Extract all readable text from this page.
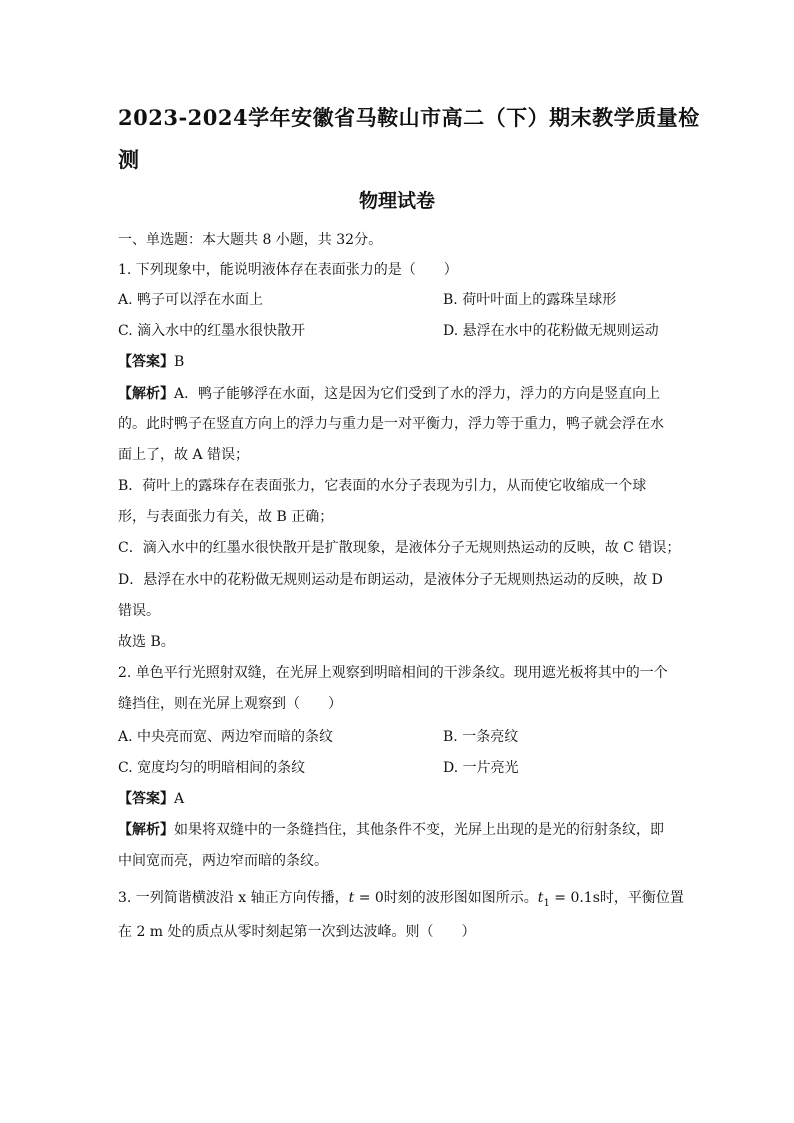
2023-2024学年安徽省马鞍山市高二（下）期末教学质量检
测
物理试卷
一、单选题：本大题共 8 小题，共 32分。
1. 下列现象中，能说明液体存在表面张力的是（　　）
A. 鸭子可以浮在水面上	B. 荷叶叶面上的露珠呈球形
C. 滴入水中的红墨水很快散开	D. 悬浮在水中的花粉做无规则运动
【答案】B
【解析】A．鸭子能够浮在水面，这是因为它们受到了水的浮力，浮力的方向是竖直向上
的。此时鸭子在竖直方向上的浮力与重力是一对平衡力，浮力等于重力，鸭子就会浮在水
面上了，故 A 错误；
B．荷叶上的露珠存在表面张力，它表面的水分子表现为引力，从而使它收缩成一个球
形，与表面张力有关，故 B 正确；
C．滴入水中的红墨水很快散开是扩散现象，是液体分子无规则热运动的反映，故 C 错误；
D．悬浮在水中的花粉做无规则运动是布朗运动，是液体分子无规则热运动的反映，故 D
错误。
故选 B。
2. 单色平行光照射双缝，在光屏上观察到明暗相间的干涉条纹。现用遮光板将其中的一个
缝挡住，则在光屏上观察到（　　）
A. 中央亮而宽、两边窄而暗的条纹	B. 一条亮纹
C. 宽度均匀的明暗相间的条纹	D. 一片亮光
【答案】A
【解析】如果将双缝中的一条缝挡住，其他条件不变，光屏上出现的是光的衍射条纹，即
中间宽而亮，两边窄而暗的条纹。
3. 一列简谐横波沿 x 轴正方向传播，t = 0时刻的波形图如图所示。$t_1 = 0.1s$时，平衡位置
在 2 m 处的质点从零时刻起第一次到达波峰。则（　　）
